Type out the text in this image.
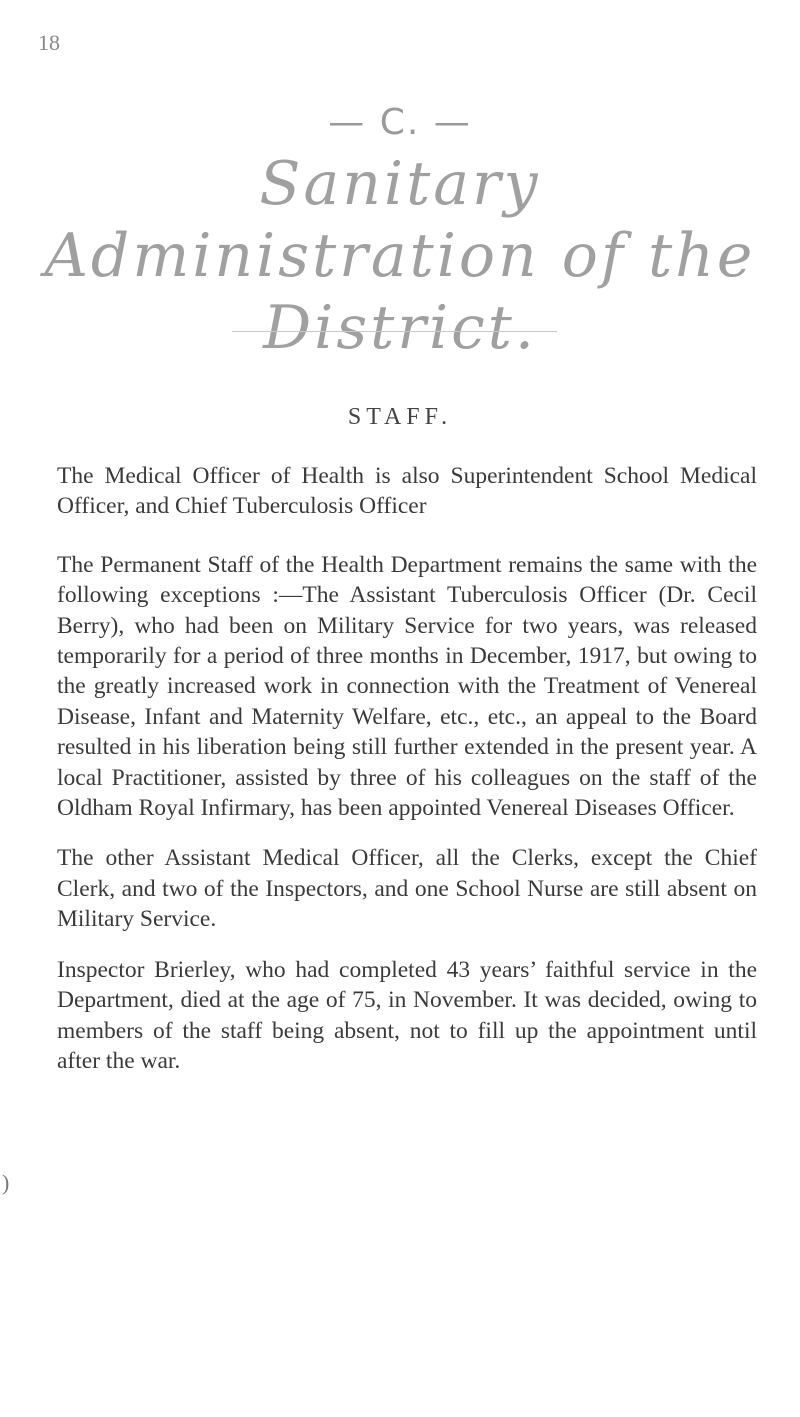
18
— C. —
Sanitary Administration of the
District.
STAFF.

The Medical Officer of Health is also Superintendent School Medical Officer, and Chief Tuberculosis Officer

The Permanent Staff of the Health Department remains the same with the following exceptions :—The Assistant Tuberculosis Officer (Dr. Cecil Berry), who had been on Military Service for two years, was released temporarily for a period of three months in December, 1917, but owing to the greatly increased work in connection with the Treatment of Venereal Disease, Infant and Maternity Welfare, etc., etc., an appeal to the Board resulted in his liberation being still further extended in the present year. A local Practitioner, assisted by three of his colleagues on the staff of the Oldham Royal Infirmary, has been appointed Venereal Diseases Officer.

The other Assistant Medical Officer, all the Clerks, except the Chief Clerk, and two of the Inspectors, and one School Nurse are still absent on Military Service.

Inspector Brierley, who had completed 43 years’ faithful service in the Department, died at the age of 75, in November. It was decided, owing to members of the staff being absent, not to fill up the appointment until after the war.

)
